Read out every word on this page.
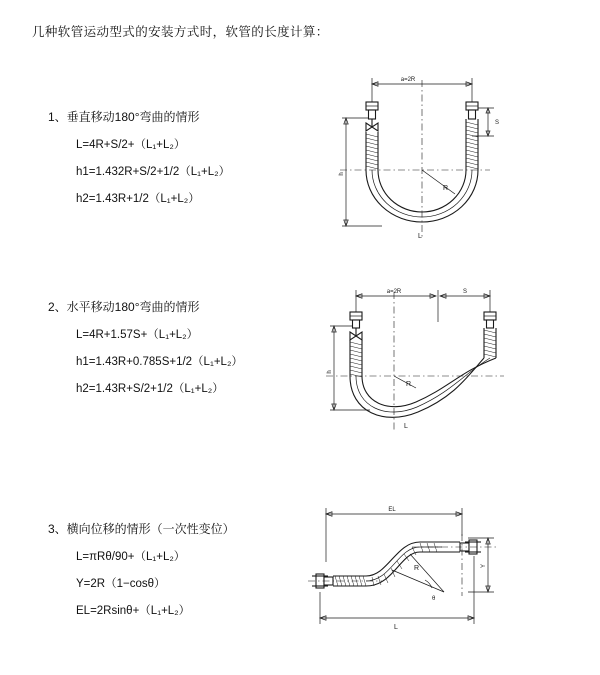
几种软管运动型式的安装方式时，软管的长度计算：
1、垂直移动180°弯曲的情形
L=4R+S/2+（L₁+L₂）
h1=1.432R+S/2+1/2（L₁+L₂）
h2=1.43R+1/2（L₁+L₂）
a=2R
S
R
L
h
2、水平移动180°弯曲的情形
L=4R+1.57S+（L₁+L₂）
h1=1.43R+0.785S+1/2（L₁+L₂）
h2=1.43R+S/2+1/2（L₁+L₂）
a=2R	S
h
R
L
3、横向位移的情形（一次性变位）
L=πRθ/90+（L₁+L₂）
Y=2R（1−cosθ）
EL=2Rsinθ+（L₁+L₂）
EL
Y
R
θ
L
